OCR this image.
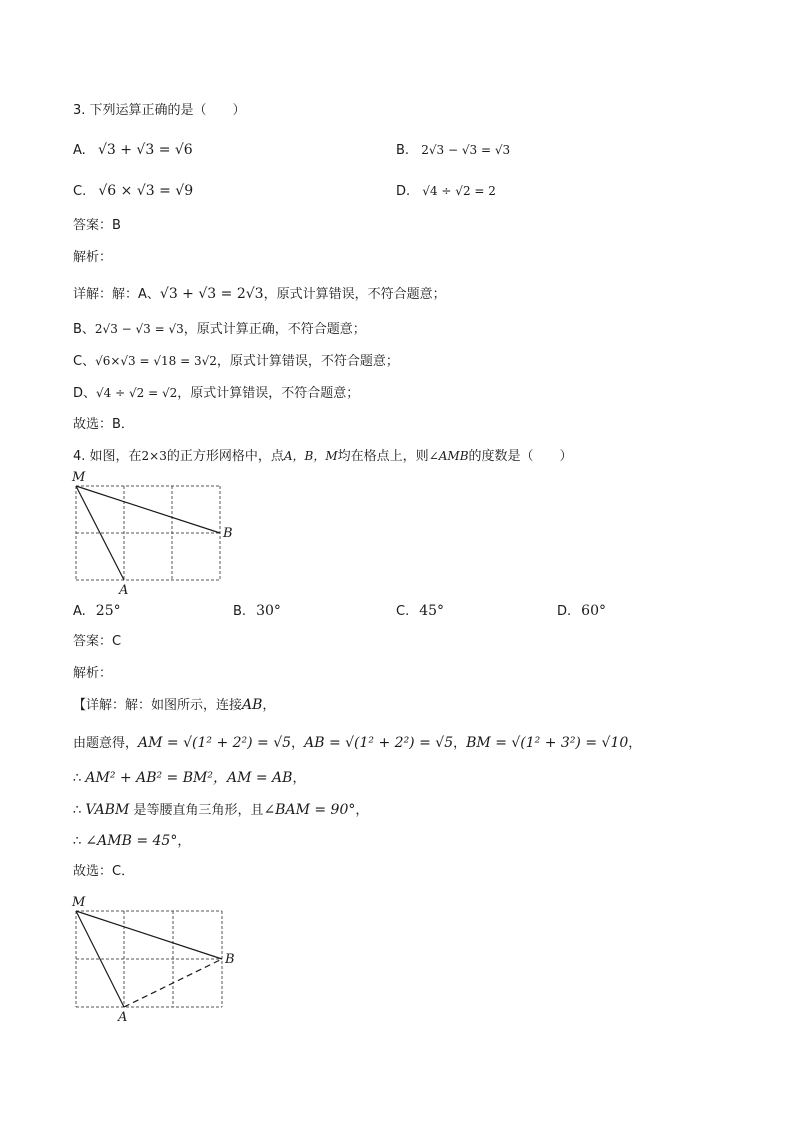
3. 下列运算正确的是（　　）
A. √3 + √3 = √6	B. 2√3 − √3 = √3
C. √6 × √3 = √9	D. √4 ÷ √2 = 2
答案：B
解析：
详解：解：A、√3 + √3 = 2√3，原式计算错误，不符合题意；
B、2√3 − √3 = √3，原式计算正确，不符合题意；
C、√6×√3 = √18 = 3√2，原式计算错误，不符合题意；
D、√4 ÷ √2 = √2，原式计算错误，不符合题意；
故选：B．
4. 如图，在2×3的正方形网格中，点A，B，M均在格点上，则∠AMB的度数是（　　）
M
A
B
A. 25°	B. 30°	C. 45°	D. 60°
答案：C
解析：
【详解：解：如图所示，连接AB，
由题意得，AM = √(1² + 2²) = √5，AB = √(1² + 2²) = √5，BM = √(1² + 3²) = √10，
∴ AM² + AB² = BM²，AM = AB，
∴ VABM 是等腰直角三角形，且∠BAM = 90°，
∴ ∠AMB = 45°，
故选：C．
M
A
B
